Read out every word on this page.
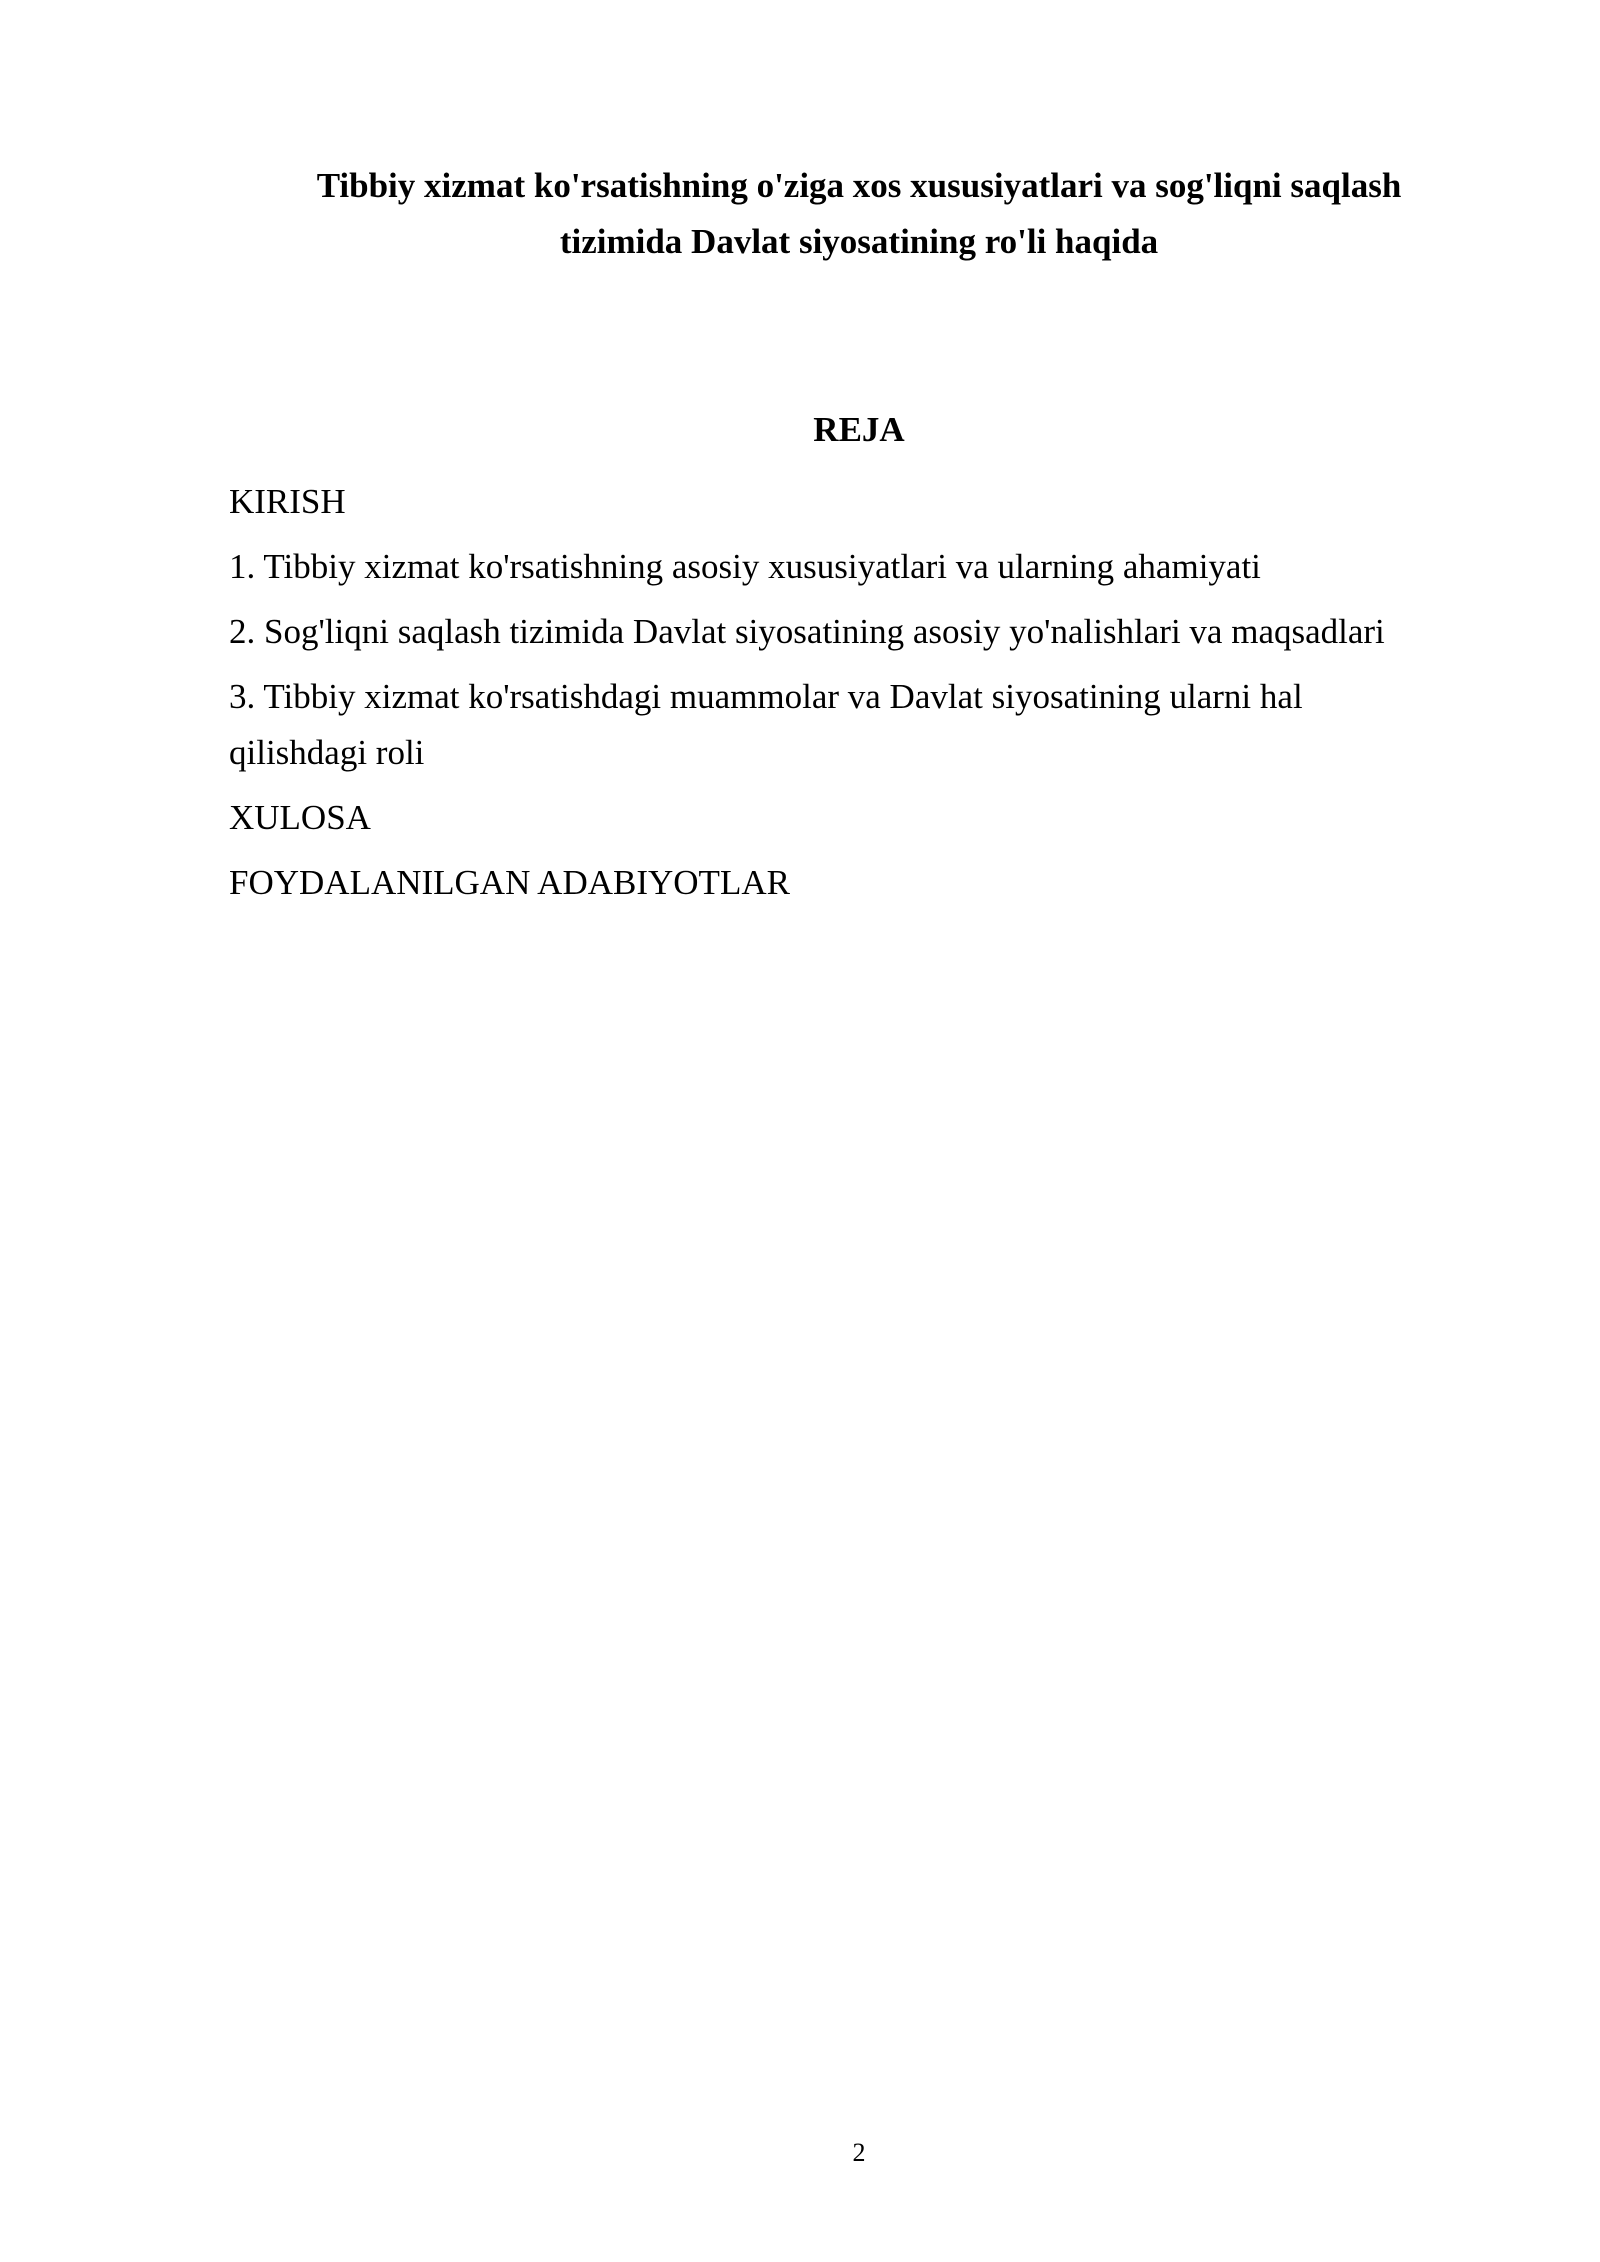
Tibbiy xizmat ko'rsatishning o'ziga xos xususiyatlari va sog'liqni saqlash
tizimida Davlat siyosatining ro'li haqida
REJA
KIRISH
1. Tibbiy xizmat ko'rsatishning asosiy xususiyatlari va ularning ahamiyati
2. Sog'liqni saqlash tizimida Davlat siyosatining asosiy yo'nalishlari va maqsadlari
3. Tibbiy xizmat ko'rsatishdagi muammolar va Davlat siyosatining ularni hal
qilishdagi roli
XULOSA
FOYDALANILGAN ADABIYOTLAR
2
